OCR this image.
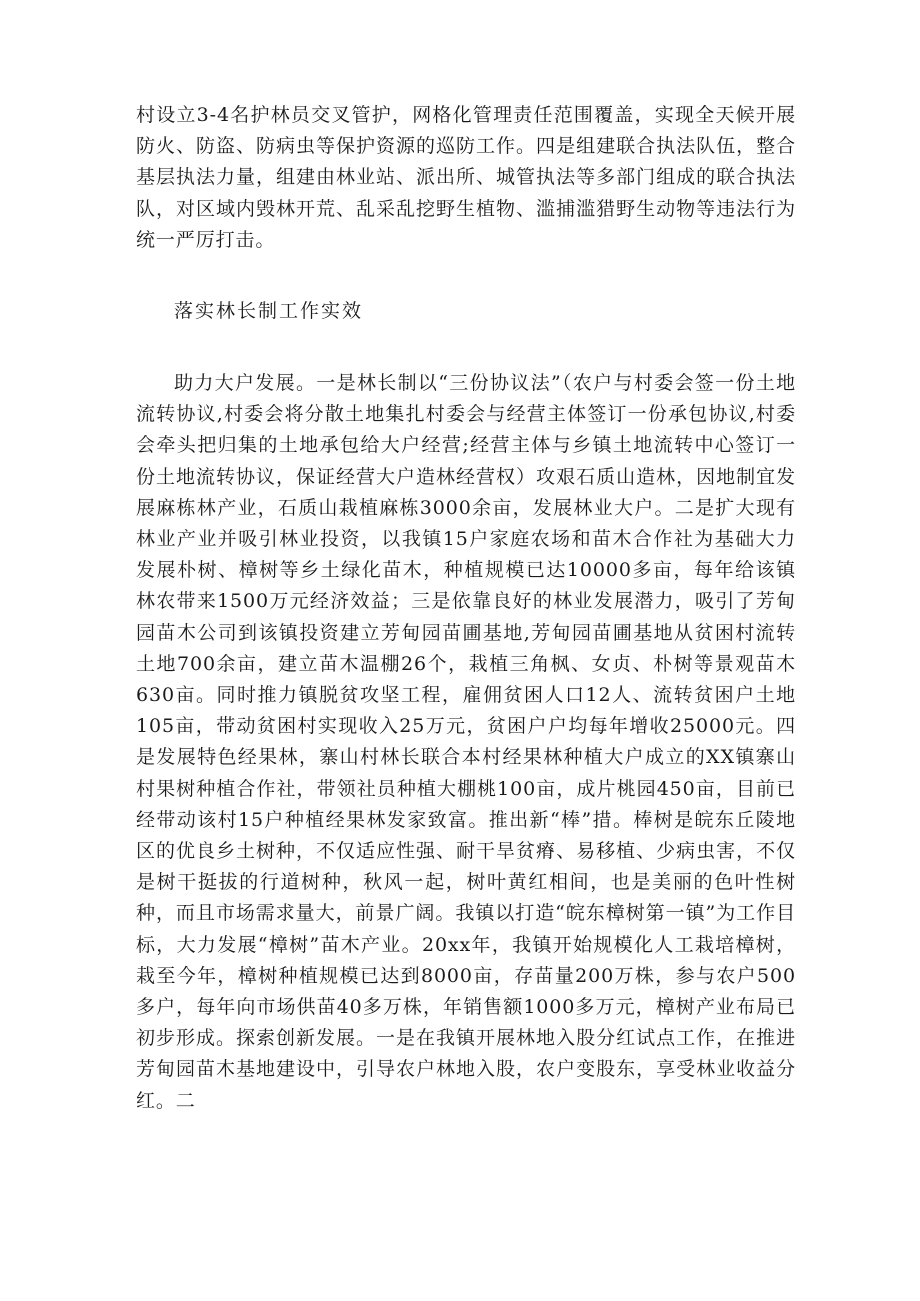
村设立3-4名护林员交叉管护，网格化管理责任范围覆盖，实现全天候开展防火、防盗、防病虫等保护资源的巡防工作。四是组建联合执法队伍，整合基层执法力量，组建由林业站、派出所、城管执法等多部门组成的联合执法队，对区域内毁林开荒、乱采乱挖野生植物、滥捕滥猎野生动物等违法行为统一严厉打击。

落实林长制工作实效

助力大户发展。一是林长制以“三份协议法”（农户与村委会签一份土地流转协议,村委会将分散土地集扎村委会与经营主体签订一份承包协议,村委会牵头把归集的土地承包给大户经营;经营主体与乡镇土地流转中心签订一份土地流转协议，保证经营大户造林经营权）攻艰石质山造林，因地制宜发展麻栋林产业，石质山栽植麻栋3000余亩，发展林业大户。二是扩大现有林业产业并吸引林业投资，以我镇15户家庭农场和苗木合作社为基础大力发展朴树、樟树等乡土绿化苗木，种植规模已达10000多亩，每年给该镇林农带来1500万元经济效益；三是依靠良好的林业发展潜力，吸引了芳甸园苗木公司到该镇投资建立芳甸园苗圃基地,芳甸园苗圃基地从贫困村流转土地700余亩，建立苗木温棚26个，栽植三角枫、女贞、朴树等景观苗木630亩。同时推力镇脱贫攻坚工程，雇佣贫困人口12人、流转贫困户土地105亩，带动贫困村实现收入25万元，贫困户户均每年增收25000元。四是发展特色经果林，寨山村林长联合本村经果林种植大户成立的XX镇寨山村果树种植合作社，带领社员种植大棚桃100亩，成片桃园450亩，目前已经带动该村15户种植经果林发家致富。推出新“棒”措。棒树是皖东丘陵地区的优良乡土树种，不仅适应性强、耐干旱贫瘠、易移植、少病虫害，不仅是树干挺拔的行道树种，秋风一起，树叶黄红相间，也是美丽的色叶性树种，而且市场需求量大，前景广阔。我镇以打造“皖东樟树第一镇”为工作目标，大力发展“樟树”苗木产业。20xx年，我镇开始规模化人工栽培樟树，栽至今年，樟树种植规模已达到8000亩，存苗量200万株，参与农户500多户，每年向市场供苗40多万株，年销售额1000多万元，樟树产业布局已初步形成。探索创新发展。一是在我镇开展林地入股分红试点工作，在推进芳甸园苗木基地建设中，引导农户林地入股，农户变股东，享受林业收益分红。二
